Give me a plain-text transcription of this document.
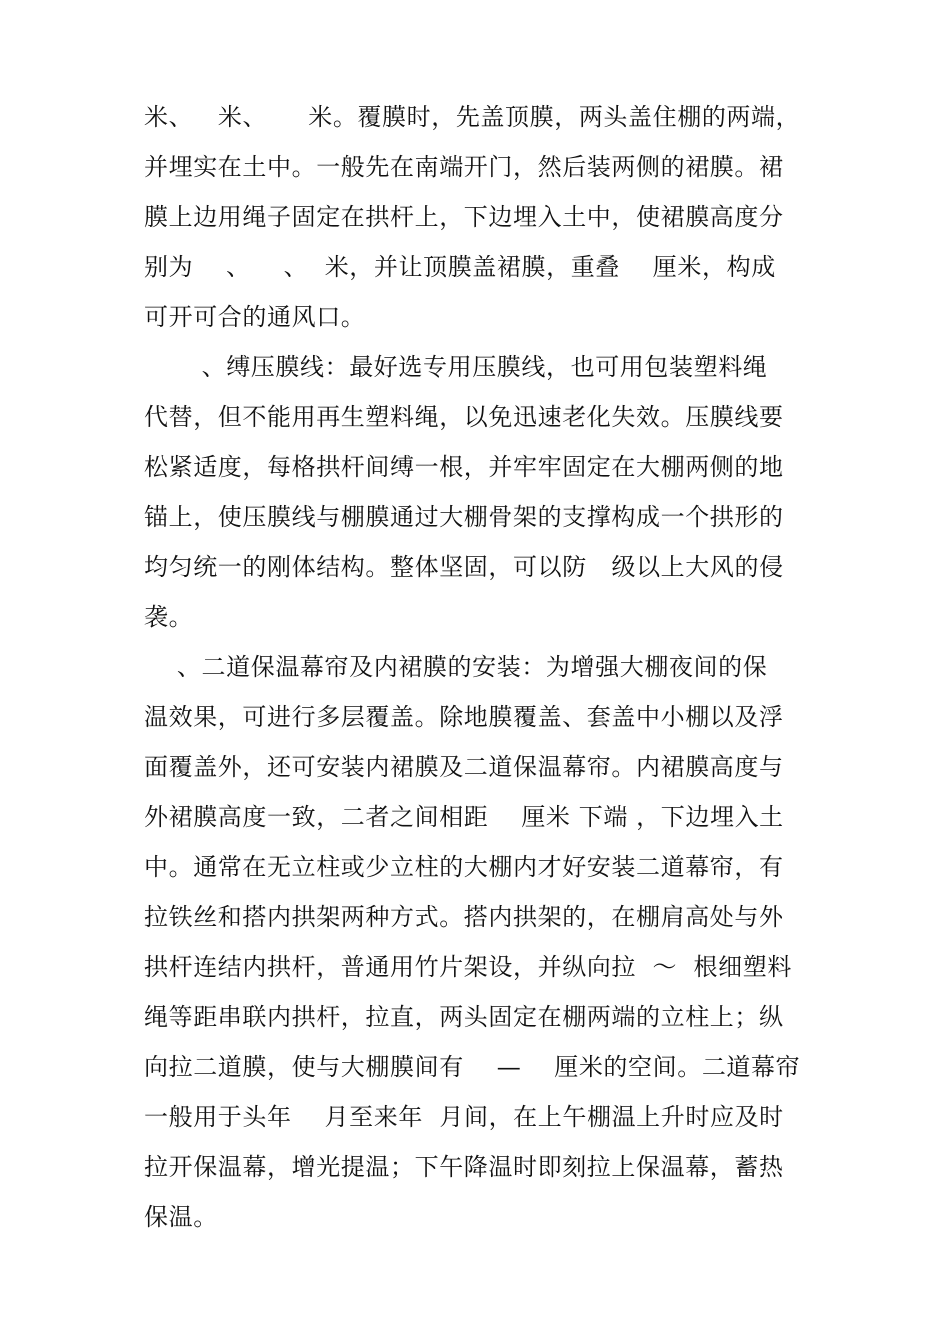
米、   米、     米。覆膜时，先盖顶膜，两头盖住棚的两端，
并埋实在土中。一般先在南端开门，然后装两侧的裙膜。裙
膜上边用绳子固定在拱杆上，下边埋入土中，使裙膜高度分
别为    、    、  米，并让顶膜盖裙膜，重叠    厘米，构成
可开可合的通风口。
、缚压膜线：最好选专用压膜线，也可用包装塑料绳
代替，但不能用再生塑料绳，以免迅速老化失效。压膜线要
松紧适度，每格拱杆间缚一根，并牢牢固定在大棚两侧的地
锚上，使压膜线与棚膜通过大棚骨架的支撑构成一个拱形的
均匀统一的刚体结构。整体坚固，可以防   级以上大风的侵
袭。
、二道保温幕帘及内裙膜的安装：为增强大棚夜间的保
温效果，可进行多层覆盖。除地膜覆盖、套盖中小棚以及浮
面覆盖外，还可安装内裙膜及二道保温幕帘。内裙膜高度与
外裙膜高度一致，二者之间相距    厘米 下端 ，下边埋入土
中。通常在无立柱或少立柱的大棚内才好安装二道幕帘，有
拉铁丝和搭内拱架两种方式。搭内拱架的，在棚肩高处与外
拱杆连结内拱杆，普通用竹片架设，并纵向拉  ～  根细塑料
绳等距串联内拱杆，拉直，两头固定在棚两端的立柱上；纵
向拉二道膜，使与大棚膜间有    —    厘米的空间。二道幕帘
一般用于头年    月至来年  月间，在上午棚温上升时应及时
拉开保温幕，增光提温；下午降温时即刻拉上保温幕，蓄热
保温。
